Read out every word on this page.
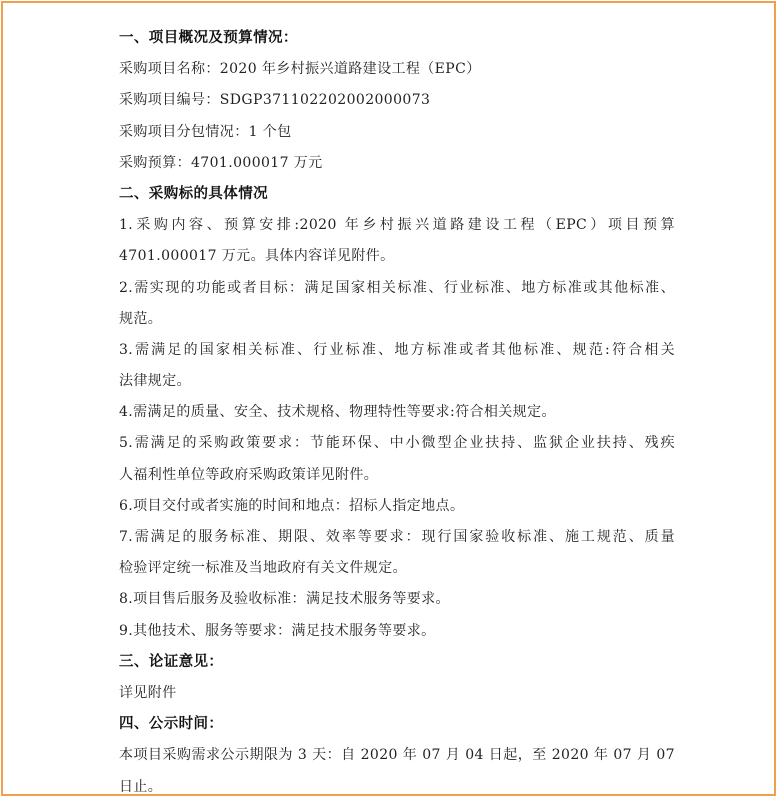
一、项目概况及预算情况：
采购项目名称：2020 年乡村振兴道路建设工程（EPC）
采购项目编号：SDGP371102202002000073
采购项目分包情况：1 个包
采购预算：4701.000017 万元
二、采购标的具体情况
1.采购内容、预算安排:2020 年乡村振兴道路建设工程（EPC）项目预算
4701.000017 万元。具体内容详见附件。
2.需实现的功能或者目标：满足国家相关标准、行业标准、地方标准或其他标准、
规范。
3.需满足的国家相关标准、行业标准、地方标准或者其他标准、规范:符合相关
法律规定。
4.需满足的质量、安全、技术规格、物理特性等要求:符合相关规定。
5.需满足的采购政策要求：节能环保、中小微型企业扶持、监狱企业扶持、残疾
人福利性单位等政府采购政策详见附件。
6.项目交付或者实施的时间和地点：招标人指定地点。
7.需满足的服务标准、期限、效率等要求：现行国家验收标准、施工规范、质量
检验评定统一标准及当地政府有关文件规定。
8.项目售后服务及验收标准：满足技术服务等要求。
9.其他技术、服务等要求：满足技术服务等要求。
三、论证意见：
详见附件
四、公示时间：
本项目采购需求公示期限为 3 天：自 2020 年 07 月 04 日起，至 2020 年 07 月 07
日止。
